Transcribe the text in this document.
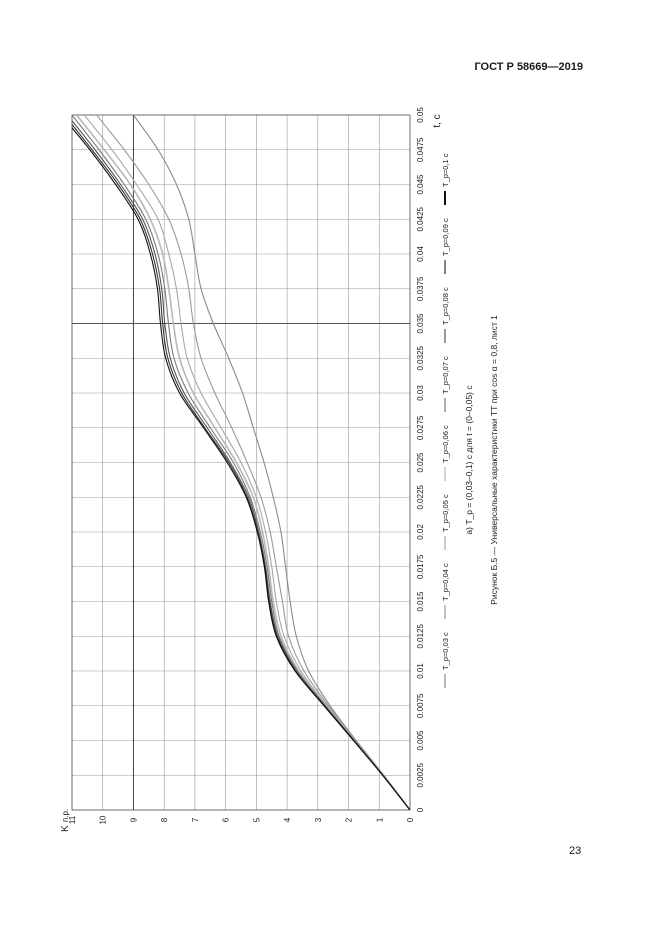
ГОСТ Р 58669—2019
23
0
0.0025
0.005
0.0075
0.01
0.0125
0.015
0.0175
0.02
0.0225
0.025
0.0275
0.03
0.0325
0.035
0.0375
0.04
0.0425
0.045
0.0475
0.05
0
1
2
3
4
5
6
7
8
9
10
11
K
п.р.
t, с
T_p=0,03 с
T_p=0,04 с
T_p=0,05 с
T_p=0,06 с
T_p=0,07 с
T_p=0,08 с
T_p=0,09 с
T_p=0,1 с
а) T_p = (0,03–0,1) с для t = (0–0,05) с Рисунок Б.5 — Универсальные характеристики ТТ при cos α = 0,8, лист 1
